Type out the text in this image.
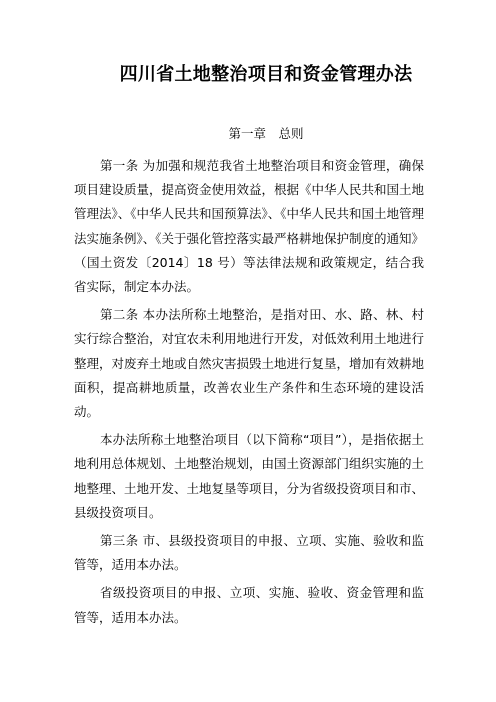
四川省土地整治项目和资金管理办法
第一章　总则

第一条 为加强和规范我省土地整治项目和资金管理，确保项目建设质量，提高资金使用效益，根据《中华人民共和国土地管理法》、《中华人民共和国预算法》、《中华人民共和国土地管理法实施条例》、《关于强化管控落实最严格耕地保护制度的通知》（国土资发〔2014〕18 号）等法律法规和政策规定，结合我省实际，制定本办法。

第二条 本办法所称土地整治，是指对田、水、路、林、村实行综合整治，对宜农未利用地进行开发，对低效利用土地进行整理，对废弃土地或自然灾害损毁土地进行复垦，增加有效耕地面积，提高耕地质量，改善农业生产条件和生态环境的建设活动。

本办法所称土地整治项目（以下简称“项目”），是指依据土地利用总体规划、土地整治规划，由国土资源部门组织实施的土地整理、土地开发、土地复垦等项目，分为省级投资项目和市、县级投资项目。

第三条 市、县级投资项目的申报、立项、实施、验收和监管等，适用本办法。

省级投资项目的申报、立项、实施、验收、资金管理和监管等，适用本办法。
